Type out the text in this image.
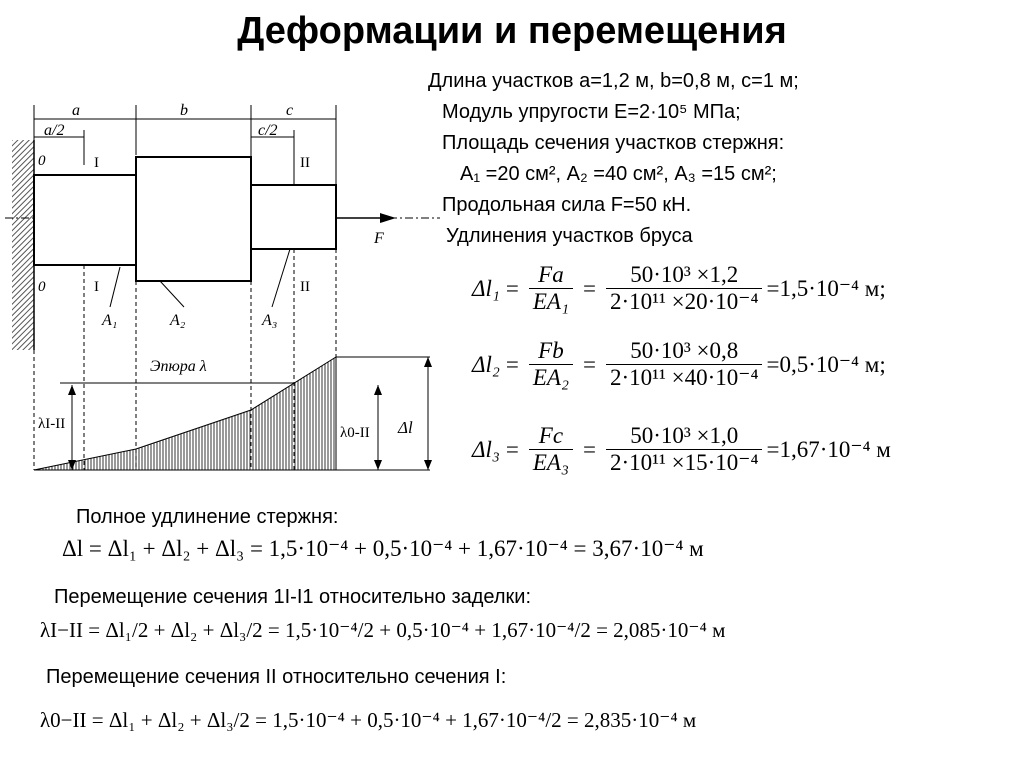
Деформации и перемещения
Длина участков a=1,2 м, b=0,8 м, c=1 м;
Модуль упругости E=2·10⁵ МПа;
Площадь сечения участков стержня:
A₁ =20 см², A₂ =40 см², A₃ =15 см²;
Продольная сила F=50 кН.
Удлинения участков бруса
a	b	c
a/2	c/2
F
0
0
I
I
II
II
A₁	A₂	A₃
Эпюра λ
λI-II
λ0-II Δl
$\Delta l_1 = \frac{Fa}{\text{EA₁}} = \frac{\text{50·10³ ×1,2}}{\text{2·10¹¹ ×20·10⁻⁴}} =1,5\cdot 10^{-4}$ м;
$\Delta l_2 = \frac{Fb}{\text{EA₂}} = \frac{\text{50·10³ ×0,8}}{\text{2·10¹¹ ×40·10⁻⁴}} =0,5\cdot 10^{-4}$ м;
$\Delta l_3 = \frac{Fc}{\text{EA₃}} = \frac{\text{50·10³ ×1,0}}{\text{2·10¹¹ ×15·10⁻⁴}} =1,67\cdot 10^{-4}$ м
Полное удлинение стержня:
Δl = Δl₁ + Δl₂ + Δl₃ = 1,5·10⁻⁴ + 0,5·10⁻⁴ + 1,67·10⁻⁴ = 3,67·10⁻⁴ м
Перемещение сечения 1I-I1 относительно заделки:
λI−II = Δl₁/2 + Δl₂ + Δl₃/2 = 1,5·10⁻⁴/2 + 0,5·10⁻⁴ + 1,67·10⁻⁴/2 = 2,085·10⁻⁴ м
Перемещение сечения II относительно сечения I:
λ0−II = Δl₁ + Δl₂ + Δl₃/2 = 1,5·10⁻⁴ + 0,5·10⁻⁴ + 1,67·10⁻⁴/2 = 2,835·10⁻⁴ м
